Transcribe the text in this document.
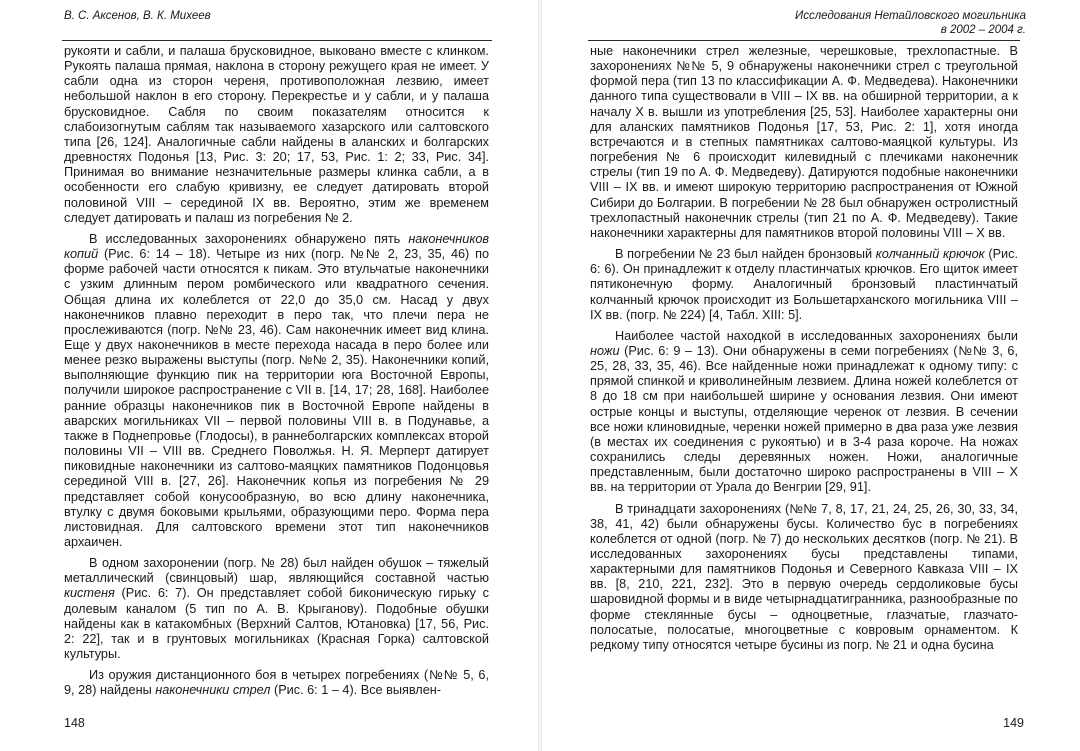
В. С. Аксенов, В. К. Михеев

рукояти и сабли, и палаша брусковидное, выковано вместе с клинком. Рукоять палаша прямая, наклона в сторону режущего края не имеет. У сабли одна из сторон череня, противоположная лезвию, имеет небольшой наклон в его сторону. Перекрестье и у сабли, и у палаша брусковидное. Сабля по своим показателям относится к слабоизогнутым саблям так называемого хазарского или салтовского типа [26, 124]. Аналогичные сабли найдены в аланских и болгарских древностях Подонья [13, Рис. 3: 20; 17, 53, Рис. 1: 2; 33, Рис. 34]. Принимая во внимание незначительные размеры клинка сабли, а в особенности его слабую кривизну, ее следует датировать второй половиной VIII – серединой IX вв. Вероятно, этим же временем следует датировать и палаш из погребения № 2.

В исследованных захоронениях обнаружено пять наконечников копий (Рис. 6: 14 – 18). Четыре из них (погр. №№ 2, 23, 35, 46) по форме рабочей части относятся к пикам. Это втульчатые наконечники с узким длинным пером ромбического или квадратного сечения. Общая длина их колеблется от 22,0 до 35,0 см. Насад у двух наконечников плавно переходит в перо так, что плечи пера не прослеживаются (погр. №№ 23, 46). Сам наконечник имеет вид клина. Еще у двух наконечников в месте перехода насада в перо более или менее резко выражены выступы (погр. №№ 2, 35). Наконечники копий, выполняющие функцию пик на территории юга Восточной Европы, получили широкое распространение с VII в. [14, 17; 28, 168]. Наиболее ранние образцы наконечников пик в Восточной Европе найдены в аварских могильниках VII – первой половины VIII в. в Подунавье, а также в Поднепровье (Глодосы), в раннеболгарских комплексах второй половины VII – VIII вв. Среднего Поволжья. Н. Я. Мерперт датирует пиковидные наконечники из салтово-маяцких памятников Подонцовья серединой VIII в. [27, 26]. Наконечник копья из погребения № 29 представляет собой конусообразную, во всю длину наконечника, втулку с двумя боковыми крыльями, образующими перо. Форма пера листовидная. Для салтовского времени этот тип наконечников архаичен.

В одном захоронении (погр. № 28) был найден обушок – тяжелый металлический (свинцовый) шар, являющийся составной частью кистеня (Рис. 6: 7). Он представляет собой биконическую гирьку с долевым каналом (5 тип по А. В. Крыганову). Подобные обушки найдены как в катакомбных (Верхний Салтов, Ютановка) [17, 56, Рис. 2: 22], так и в грунтовых могильниках (Красная Горка) салтовской культуры.

Из оружия дистанционного боя в четырех погребениях (№№ 5, 6, 9, 28) найдены наконечники стрел (Рис. 6: 1 – 4). Все выявлен-

148
Исследования Нетайловского могильника
в 2002 – 2004 г.

ные наконечники стрел железные, черешковые, трехлопастные. В захоронениях №№ 5, 9 обнаружены наконечники стрел с треугольной формой пера (тип 13 по классификации А. Ф. Медведева). Наконечники данного типа существовали в VIII – IX вв. на обширной территории, а к началу X в. вышли из употребления [25, 53]. Наиболее характерны они для аланских памятников Подонья [17, 53, Рис. 2: 1], хотя иногда встречаются и в степных памятниках салтово-маяцкой культуры. Из погребения № 6 происходит килевидный с плечиками наконечник стрелы (тип 19 по А. Ф. Медведеву). Датируются подобные наконечники VIII – IX вв. и имеют широкую территорию распространения от Южной Сибири до Болгарии. В погребении № 28 был обнаружен остролистный трехлопастный наконечник стрелы (тип 21 по А. Ф. Медведеву). Такие наконечники характерны для памятников второй половины VIII – X вв.

В погребении № 23 был найден бронзовый колчанный крючок (Рис. 6: 6). Он принадлежит к отделу пластинчатых крючков. Его щиток имеет пятиконечную форму. Аналогичный бронзовый пластинчатый колчанный крючок происходит из Большетарханского могильника VIII – IX вв. (погр. № 224) [4, Табл. XIII: 5].

Наиболее частой находкой в исследованных захоронениях были ножи (Рис. 6: 9 – 13). Они обнаружены в семи погребениях (№№ 3, 6, 25, 28, 33, 35, 46). Все найденные ножи принадлежат к одному типу: с прямой спинкой и криволинейным лезвием. Длина ножей колеблется от 8 до 18 см при наибольшей ширине у основания лезвия. Они имеют острые концы и выступы, отделяющие черенок от лезвия. В сечении все ножи клиновидные, черенки ножей примерно в два раза уже лезвия (в местах их соединения с рукоятью) и в 3-4 раза короче. На ножах сохранились следы деревянных ножен. Ножи, аналогичные представленным, были достаточно широко распространены в VIII – X вв. на территории от Урала до Венгрии [29, 91].

В тринадцати захоронениях (№№ 7, 8, 17, 21, 24, 25, 26, 30, 33, 34, 38, 41, 42) были обнаружены бусы. Количество бус в погребениях колеблется от одной (погр. № 7) до нескольких десятков (погр. № 21). В исследованных захоронениях бусы представлены типами, характерными для памятников Подонья и Северного Кавказа VIII – IX вв. [8, 210, 221, 232]. Это в первую очередь сердоликовые бусы шаровидной формы и в виде четырнадцатигранника, разнообразные по форме стеклянные бусы – одноцветные, глазчатые, глазчато-полосатые, полосатые, многоцветные с ковровым орнаментом. К редкому типу относятся четыре бусины из погр. № 21 и одна бусина

149
